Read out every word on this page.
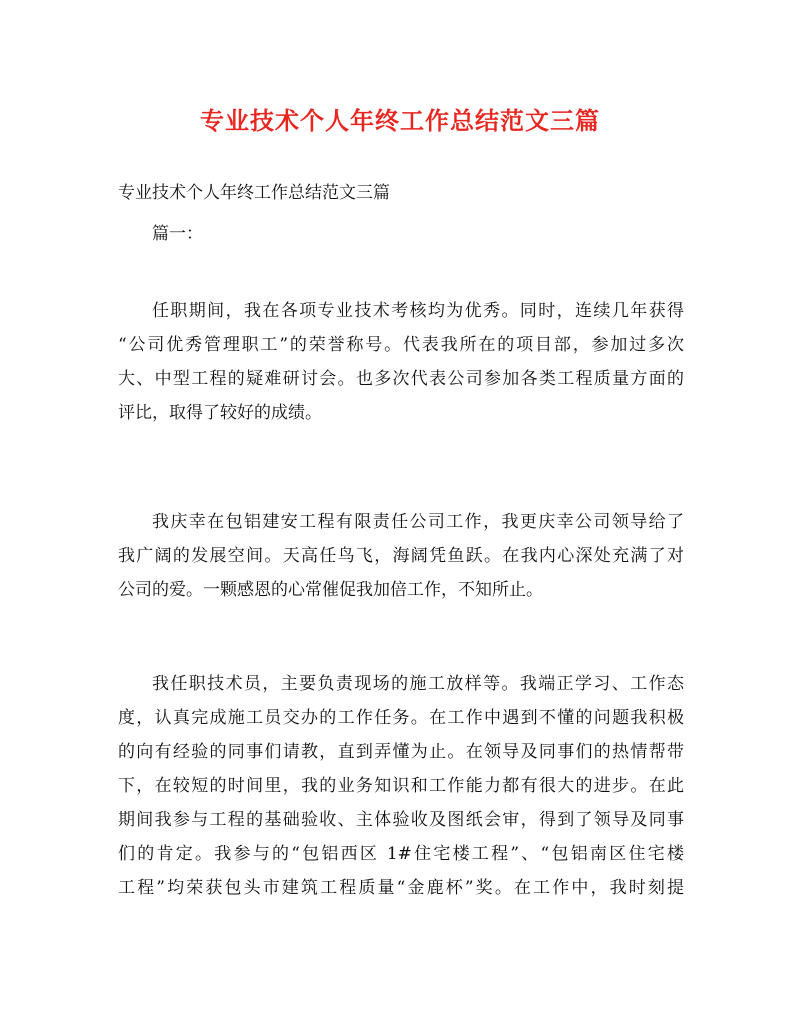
专业技术个人年终工作总结范文三篇
专业技术个人年终工作总结范文三篇
篇一：
任职期间，我在各项专业技术考核均为优秀。同时，连续几年获得
“公司优秀管理职工”的荣誉称号。代表我所在的项目部，参加过多次
大、中型工程的疑难研讨会。也多次代表公司参加各类工程质量方面的
评比，取得了较好的成绩。
我庆幸在包铝建安工程有限责任公司工作，我更庆幸公司领导给了
我广阔的发展空间。天高任鸟飞，海阔凭鱼跃。在我内心深处充满了对
公司的爱。一颗感恩的心常催促我加倍工作，不知所止。
我任职技术员，主要负责现场的施工放样等。我端正学习、工作态
度，认真完成施工员交办的工作任务。在工作中遇到不懂的问题我积极
的向有经验的同事们请教，直到弄懂为止。在领导及同事们的热情帮带
下，在较短的时间里，我的业务知识和工作能力都有很大的进步。在此
期间我参与工程的基础验收、主体验收及图纸会审，得到了领导及同事
们的肯定。我参与的“包铝西区 1#住宅楼工程”、“包铝南区住宅楼
工程”均荣获包头市建筑工程质量“金鹿杯”奖。在工作中，我时刻提
